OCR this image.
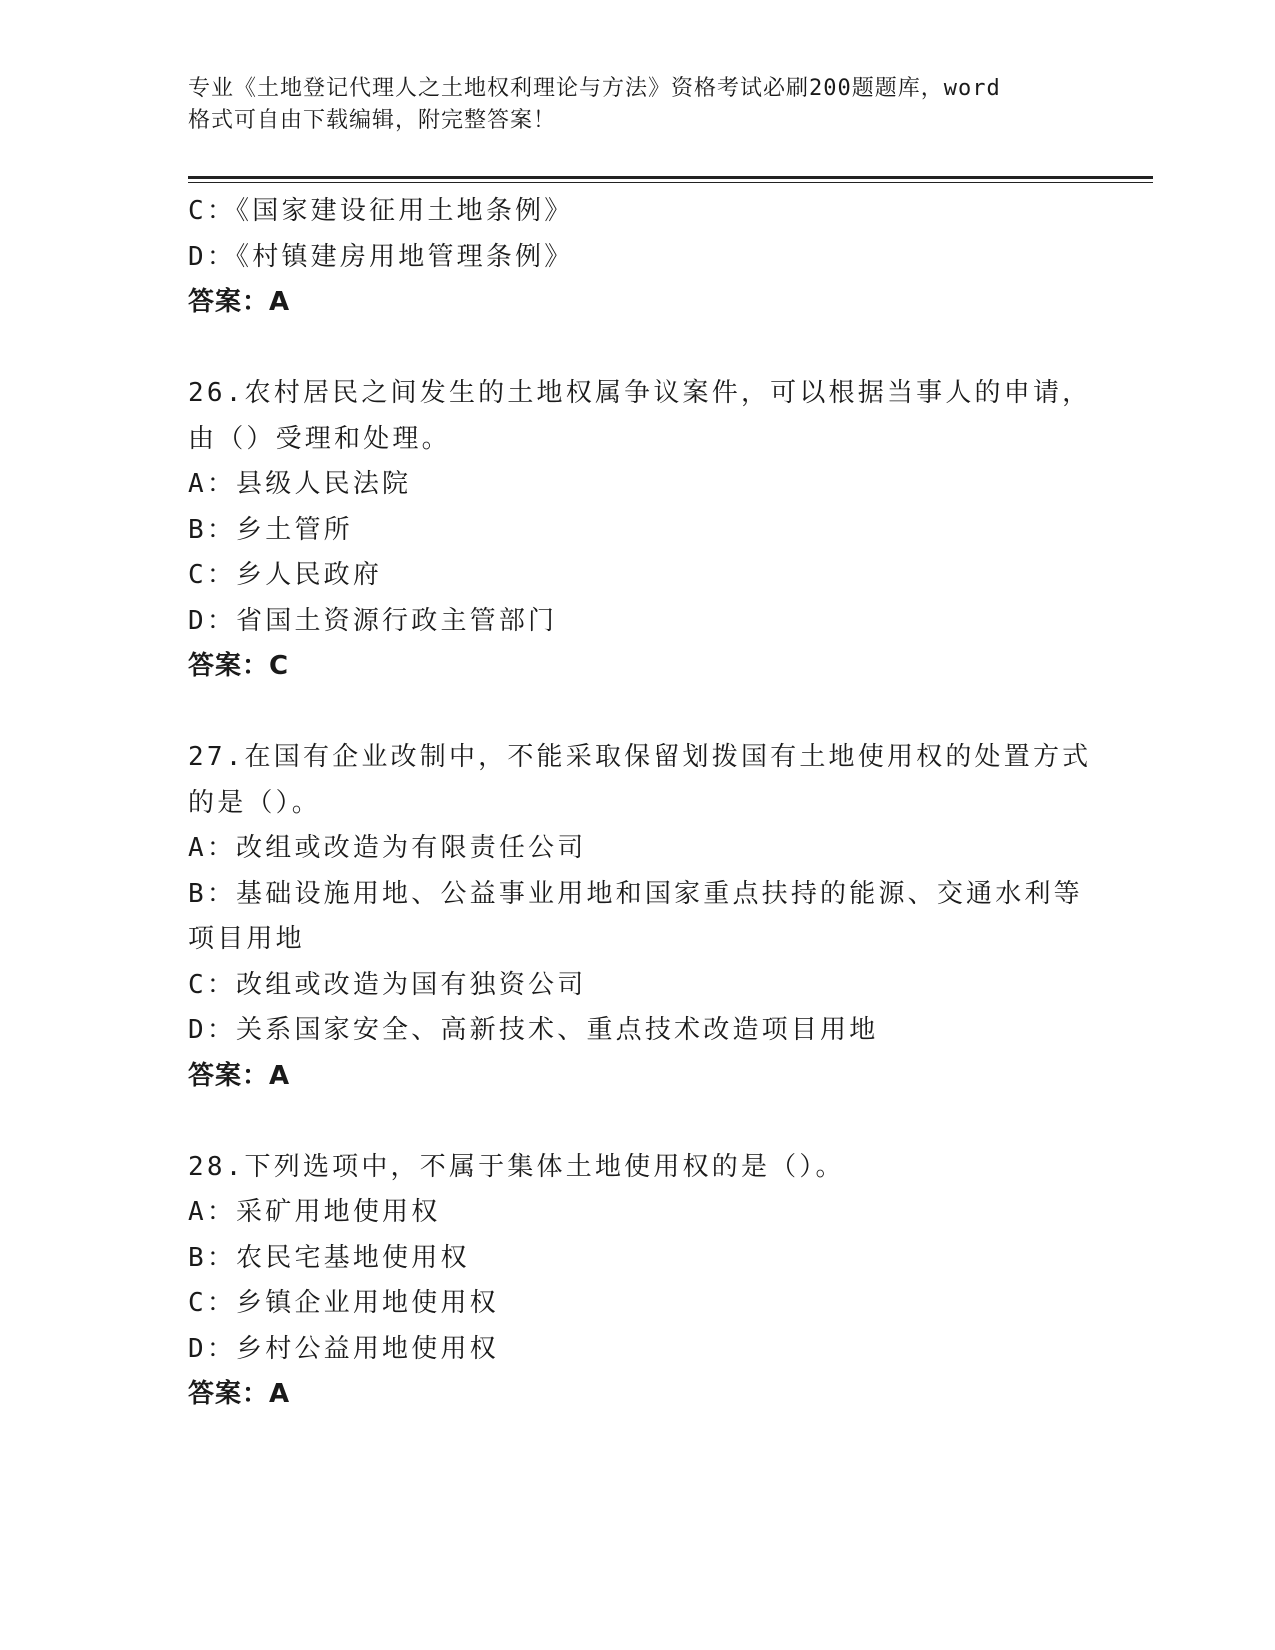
专业《土地登记代理人之土地权利理论与方法》资格考试必刷200题题库，word
格式可自由下载编辑，附完整答案！
C：《国家建设征用土地条例》
D：《村镇建房用地管理条例》
答案：A
26.农村居民之间发生的土地权属争议案件，可以根据当事人的申请，
由（）受理和处理。
A：县级人民法院
B：乡土管所
C：乡人民政府
D：省国土资源行政主管部门
答案：C
27.在国有企业改制中，不能采取保留划拨国有土地使用权的处置方式
的是（）。
A：改组或改造为有限责任公司
B：基础设施用地、公益事业用地和国家重点扶持的能源、交通水利等
项目用地
C：改组或改造为国有独资公司
D：关系国家安全、高新技术、重点技术改造项目用地
答案：A
28.下列选项中，不属于集体土地使用权的是（）。
A：采矿用地使用权
B：农民宅基地使用权
C：乡镇企业用地使用权
D：乡村公益用地使用权
答案：A
